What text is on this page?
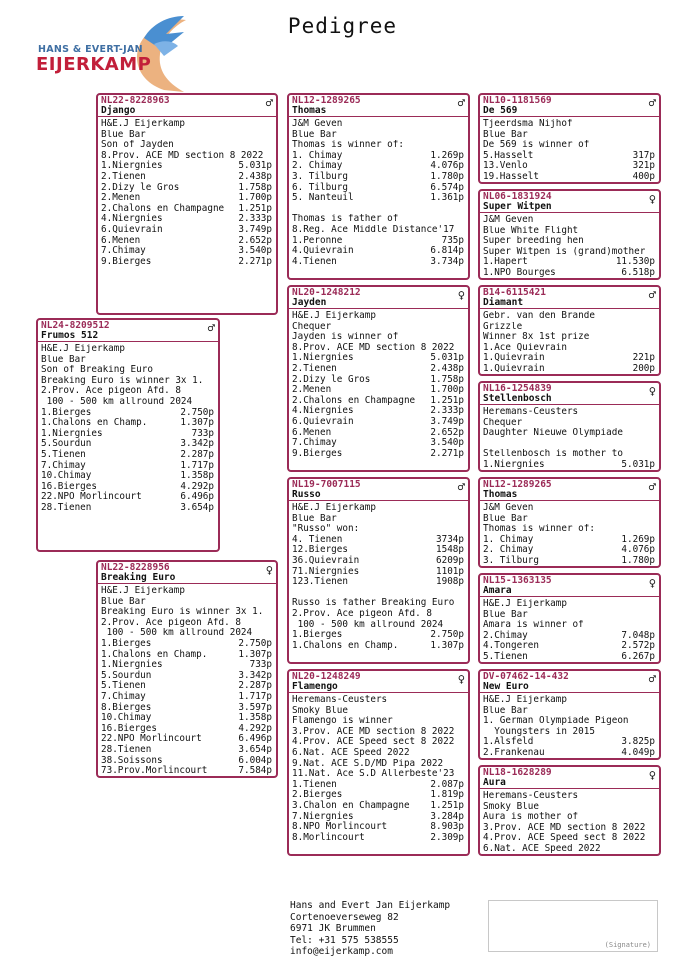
Pedigree
HANS & EVERT-JAN
EIJERKAMP
NL24-8209512
Frumos 512
♂
H&E.J Eijerkamp
Blue Bar
Son of Breaking Euro
Breaking Euro is winner 3x 1.
2.Prov. Ace pigeon Afd. 8
100 - 500 km allround 2024
1.Bierges	2.750p
1.Chalons en Champ.	1.307p
1.Niergnies	733p
5.Sourdun	3.342p
5.Tienen	2.287p
7.Chimay	1.717p
10.Chimay	1.358p
16.Bierges	4.292p
22.NPO Morlincourt	6.496p
28.Tienen	3.654p
NL22-8228963
Django
♂
H&E.J Eijerkamp
Blue Bar
Son of Jayden
8.Prov. ACE MD section 8 2022
1.Niergnies	5.031p
2.Tienen	2.438p
2.Dizy le Gros	1.758p
2.Menen	1.700p
2.Chalons en Champagne 1.251p
4.Niergnies	2.333p
6.Quievrain	3.749p
6.Menen	2.652p
7.Chimay	3.540p
9.Bierges	2.271p
NL22-8228956
Breaking Euro
♀
H&E.J Eijerkamp
Blue Bar
Breaking Euro is winner 3x 1.
2.Prov. Ace pigeon Afd. 8
100 - 500 km allround 2024
1.Bierges	2.750p
1.Chalons en Champ.	1.307p
1.Niergnies	733p
5.Sourdun	3.342p
5.Tienen	2.287p
7.Chimay	1.717p
8.Bierges	3.597p
10.Chimay	1.358p
16.Bierges	4.292p
22.NPO Morlincourt	6.496p
28.Tienen	3.654p
38.Soissons	6.004p
73.Prov.Morlincourt	7.584p
NL12-1289265
Thomas
♂
J&M Geven
Blue Bar
Thomas is winner of:
1. Chimay	1.269p
2. Chimay	4.076p
3. Tilburg	1.780p
6. Tilburg	6.574p
5. Nanteuil	1.361p
Thomas is father of
8.Reg. Ace Middle Distance'17
1.Peronne	735p
4.Quievrain	6.814p
4.Tienen	3.734p
NL20-1248212
Jayden
♀
H&E.J Eijerkamp
Chequer
Jayden is winner of
8.Prov. ACE MD section 8 2022
1.Niergnies	5.031p
2.Tienen	2.438p
2.Dizy le Gros	1.758p
2.Menen	1.700p
2.Chalons en Champagne 1.251p
4.Niergnies	2.333p
6.Quievrain	3.749p
6.Menen	2.652p
7.Chimay	3.540p
9.Bierges	2.271p
NL19-7007115
Russo
♂
H&E.J Eijerkamp
Blue Bar
"Russo" won:
4. Tienen	3734p
12.Bierges	1548p
36.Quievrain	6209p
71.Niergnies	1101p
123.Tienen	1908p
Russo is father Breaking Euro
2.Prov. Ace pigeon Afd. 8
100 - 500 km allround 2024
1.Bierges	2.750p
1.Chalons en Champ.	1.307p
NL20-1248249
Flamengo
♀
Heremans-Ceusters
Smoky Blue
Flamengo is winner
3.Prov. ACE MD section 8 2022
4.Prov. ACE Speed sect 8 2022
6.Nat. ACE Speed 2022
9.Nat. ACE S.D/MD Pipa 2022
11.Nat. Ace S.D Allerbeste'23
1.Tienen	2.087p
2.Bierges	1.819p
3.Chalon en Champagne 1.251p
7.Niergnies	3.284p
8.NPO Morlincourt	8.903p
8.Morlincourt	2.309p
NL10-1181569
De 569
♂
Tjeerdsma Nijhof
Blue Bar
De 569 is winner of
5.Hasselt	317p
13.Venlo	321p
19.Hasselt	400p
NL06-1831924
Super Witpen
♀
J&M Geven
Blue White Flight
Super breeding hen
Super Witpen is (grand)mother
1.Hapert	11.530p
1.NPO Bourges	6.518p
B14-6115421
Diamant
♂
Gebr. van den Brande
Grizzle
Winner 8x 1st prize
1.Ace Quievrain
1.Quievrain	221p
1.Quievrain	200p
NL16-1254839
Stellenbosch
♀
Heremans-Ceusters
Chequer
Daughter Nieuwe Olympiade
Stellenbosch is mother to
1.Niergnies	5.031p
NL12-1289265
Thomas
♂
J&M Geven
Blue Bar
Thomas is winner of:
1. Chimay	1.269p
2. Chimay	4.076p
3. Tilburg	1.780p
NL15-1363135
Amara
♀
H&E.J Eijerkamp
Blue Bar
Amara is winner of
2.Chimay	7.048p
4.Tongeren	2.572p
5.Tienen	6.267p
DV-07462-14-432
New Euro
♂
H&E.J Eijerkamp
Blue Bar
1. German Olympiade Pigeon
Youngsters in 2015
1.Alsfeld	3.825p
2.Frankenau	4.049p
NL18-1628289
Aura
♀
Heremans-Ceusters
Smoky Blue
Aura is mother of
3.Prov. ACE MD section 8 2022
4.Prov. ACE Speed sect 8 2022
6.Nat. ACE Speed 2022
Hans and Evert Jan Eijerkamp
Cortenoeverseweg 82
6971 JK Brummen
Tel: +31 575 538555
info@eijerkamp.com
(Signature)
